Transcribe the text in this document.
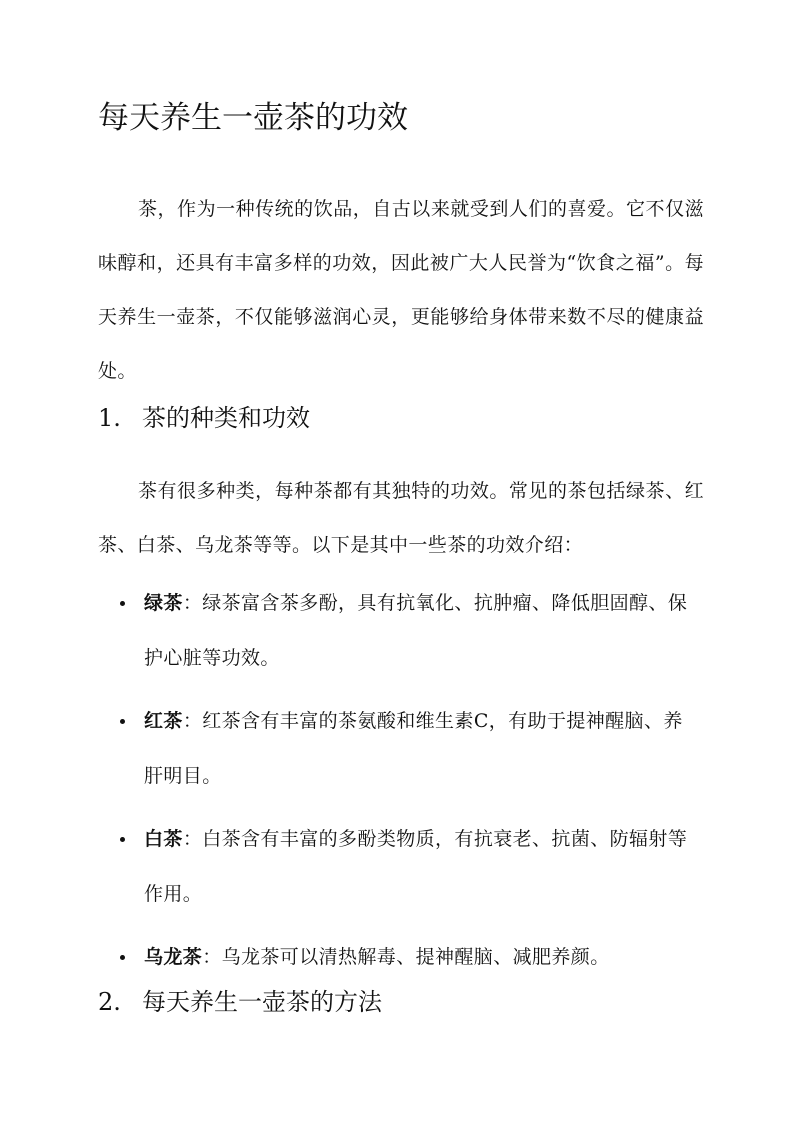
每天养生一壶茶的功效

茶，作为一种传统的饮品，自古以来就受到人们的喜爱。它不仅滋味醇和，还具有丰富多样的功效，因此被广大人民誉为“饮食之福”。每天养生一壶茶，不仅能够滋润心灵，更能够给身体带来数不尽的健康益处。

1. 茶的种类和功效

茶有很多种类，每种茶都有其独特的功效。常见的茶包括绿茶、红茶、白茶、乌龙茶等等。以下是其中一些茶的功效介绍：

绿茶：绿茶富含茶多酚，具有抗氧化、抗肿瘤、降低胆固醇、保护心脏等功效。
红茶：红茶含有丰富的茶氨酸和维生素C，有助于提神醒脑、养肝明目。
白茶：白茶含有丰富的多酚类物质，有抗衰老、抗菌、防辐射等作用。
乌龙茶：乌龙茶可以清热解毒、提神醒脑、减肥养颜。
2. 每天养生一壶茶的方法
